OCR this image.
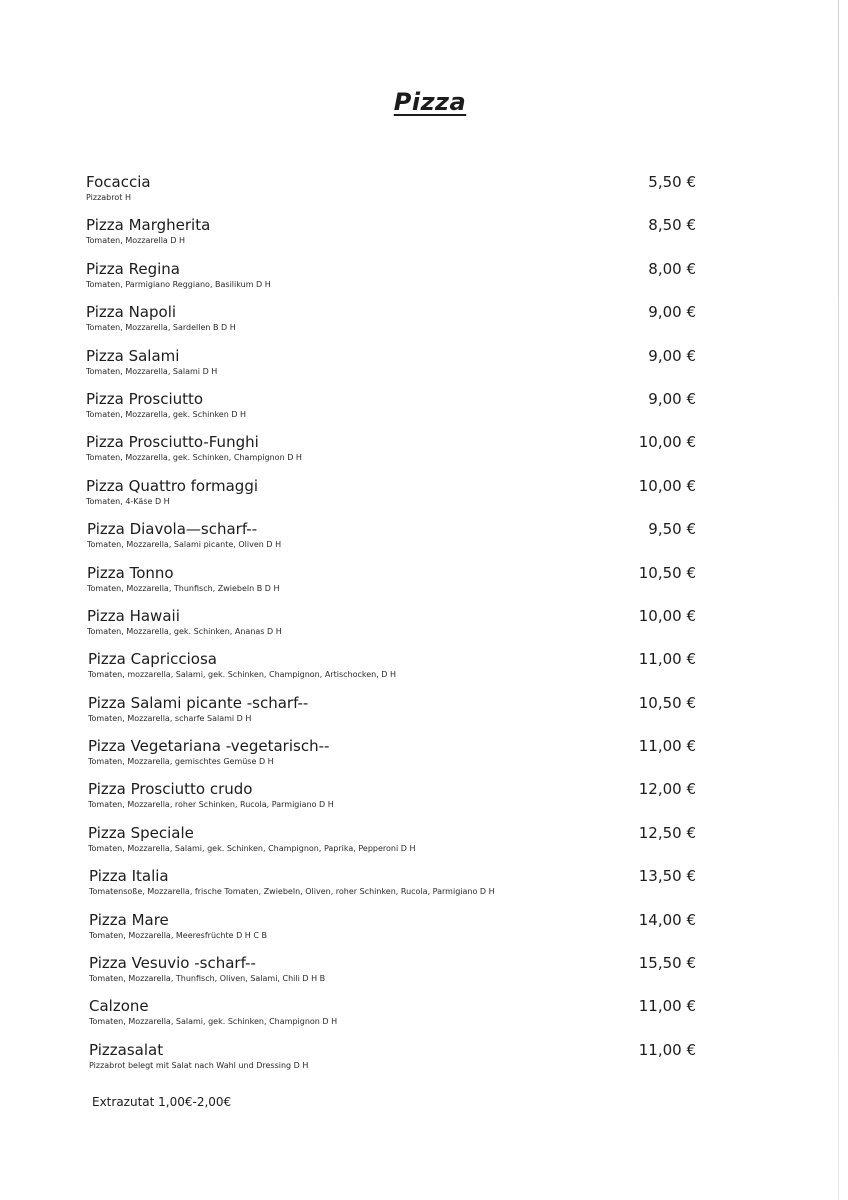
Pizza
Focaccia
Pizzabrot H
5,50 €
Pizza Margherita
Tomaten, Mozzarella D H
8,50 €
Pizza Regina
Tomaten, Parmigiano Reggiano, Basilikum D H
8,00 €
Pizza Napoli
Tomaten, Mozzarella, Sardellen B D H
9,00 €
Pizza Salami
Tomaten, Mozzarella, Salami D H
9,00 €
Pizza Prosciutto
Tomaten, Mozzarella, gek. Schinken D H
9,00 €
Pizza Prosciutto-Funghi
Tomaten, Mozzarella, gek. Schinken, Champignon D H
10,00 €
Pizza Quattro formaggi
Tomaten, 4-Käse D H
10,00 €
Pizza Diavola—scharf--
Tomaten, Mozzarella, Salami picante, Oliven D H
9,50 €
Pizza Tonno
Tomaten, Mozzarella, Thunfisch, Zwiebeln B D H
10,50 €
Pizza Hawaii
Tomaten, Mozzarella, gek. Schinken, Ananas D H
10,00 €
Pizza Capricciosa
Tomaten, mozzarella, Salami, gek. Schinken, Champignon, Artischocken, D H
11,00 €
Pizza Salami picante -scharf--
Tomaten, Mozzarella, scharfe Salami D H
10,50 €
Pizza Vegetariana -vegetarisch--
Tomaten, Mozzarella, gemischtes Gemüse D H
11,00 €
Pizza Prosciutto crudo
Tomaten, Mozzarella, roher Schinken, Rucola, Parmigiano D H
12,00 €
Pizza Speciale
Tomaten, Mozzarella, Salami, gek. Schinken, Champignon, Paprika, Pepperoni D H
12,50 €
Pizza Italia
Tomatensoße, Mozzarella, frische Tomaten, Zwiebeln, Oliven, roher Schinken, Rucola, Parmigiano D H
13,50 €
Pizza Mare
Tomaten, Mozzarella, Meeresfrüchte D H C B
14,00 €
Pizza Vesuvio -scharf--
Tomaten, Mozzarella, Thunfisch, Oliven, Salami, Chili D H B
15,50 €
Calzone
Tomaten, Mozzarella, Salami, gek. Schinken, Champignon D H
11,00 €
Pizzasalat
Pizzabrot belegt mit Salat nach Wahl und Dressing D H
11,00 €
Extrazutat 1,00€-2,00€
